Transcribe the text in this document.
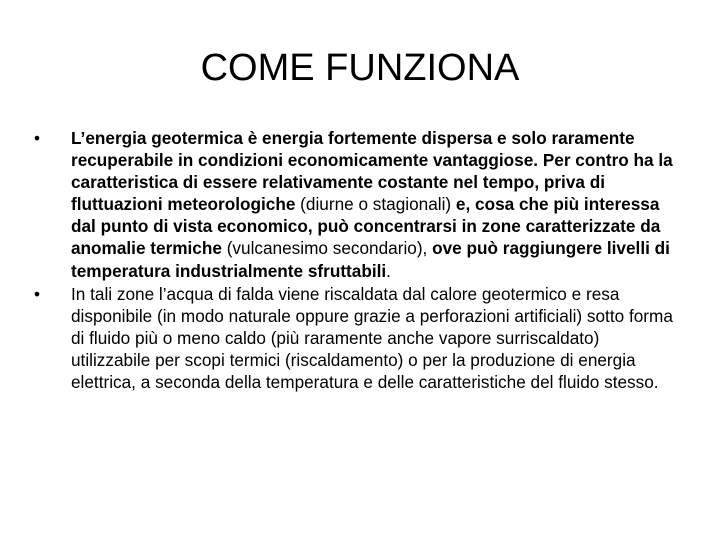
COME FUNZIONA
•	L’energia geotermica è energia fortemente dispersa e solo raramente recuperabile in condizioni economicamente vantaggiose. Per contro ha la caratteristica di essere relativamente costante nel tempo, priva di fluttuazioni meteorologiche (diurne o stagionali) e, cosa che più interessa dal punto di vista economico, può concentrarsi in zone caratterizzate da anomalie termiche (vulcanesimo secondario), ove può raggiungere livelli di temperatura industrialmente sfruttabili.
•	In tali zone l’acqua di falda viene riscaldata dal calore geotermico e resa disponibile (in modo naturale oppure grazie a perforazioni artificiali) sotto forma di fluido più o meno caldo (più raramente anche vapore surriscaldato) utilizzabile per scopi termici (riscaldamento) o per la produzione di energia elettrica, a seconda della temperatura e delle caratteristiche del fluido stesso.
